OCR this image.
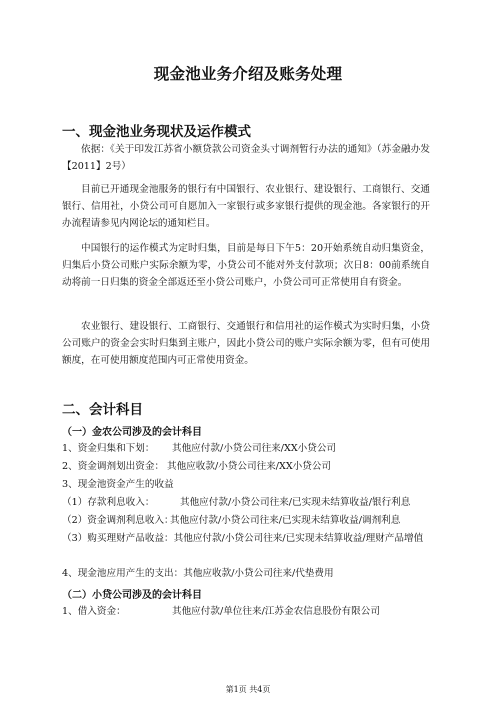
现金池业务介绍及账务处理
一、现金池业务现状及运作模式

依据：《关于印发江苏省小额贷款公司资金头寸调剂暂行办法的通知》（苏金融办发【2011】2号）

目前已开通现金池服务的银行有中国银行、农业银行、建设银行、工商银行、交通银行、信用社，小贷公司可自愿加入一家银行或多家银行提供的现金池。各家银行的开办流程请参见内网论坛的通知栏目。

中国银行的运作模式为定时归集，目前是每日下午5：20开始系统自动归集资金，归集后小贷公司账户实际余额为零，小贷公司不能对外支付款项；次日8：00前系统自动将前一日归集的资金全部返还至小贷公司账户，小贷公司可正常使用自有资金。

农业银行、建设银行、工商银行、交通银行和信用社的运作模式为实时归集，小贷公司账户的资金会实时归集到主账户，因此小贷公司的账户实际余额为零，但有可使用额度，在可使用额度范围内可正常使用资金。

二、会计科目
（一）金农公司涉及的会计科目
1、资金归集和下划： 其他应付款/小贷公司往来/XX小贷公司
2、资金调剂划出资金： 其他应收款/小贷公司往来/XX小贷公司
3、现金池资金产生的收益
（1）存款利息收入：	其他应付款/小贷公司往来/已实现未结算收益/银行利息
（2）资金调剂利息收入：
其他应付款/小贷公司往来/已实现未结算收益/调剂利息

（3）购买理财产品收益：其他应付款/小贷公司往来/已实现未结算收益/理财产品增值

4、现金池应用产生的支出：其他应收款/小贷公司往来/代垫费用
（二）小贷公司涉及的会计科目
1、借入资金：	其他应付款/单位往来/江苏金农信息股份有限公司
第1页 共4页
